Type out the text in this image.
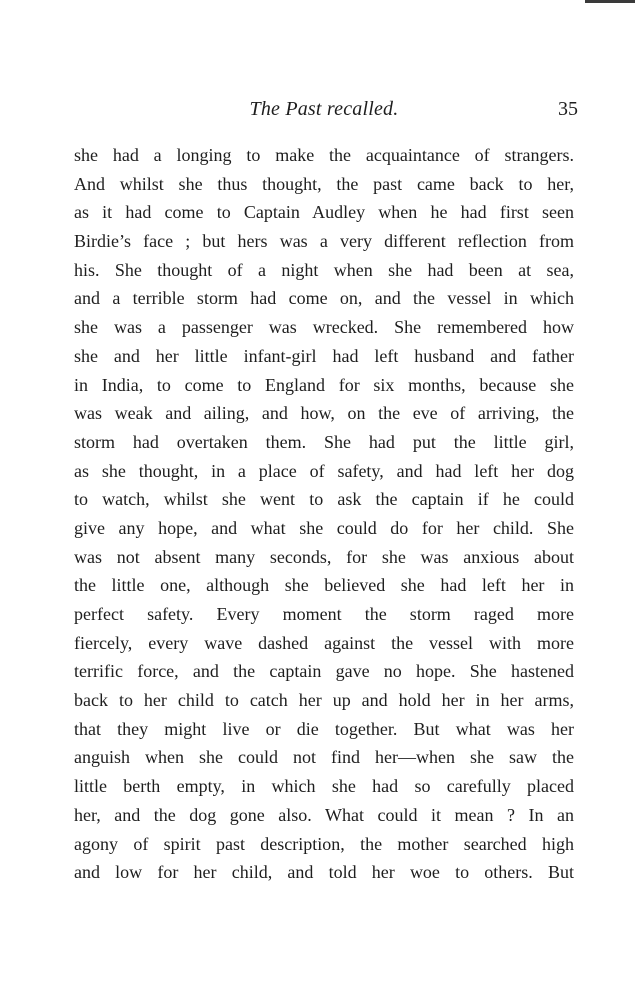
The Past recalled.	35
she had a longing to make the acquaintance of strangers.
And whilst she thus thought, the past came back to her,
as it had come to Captain Audley when he had first seen
Birdie’s face ; but hers was a very different reflection from
his. She thought of a night when she had been at sea,
and a terrible storm had come on, and the vessel in which
she was a passenger was wrecked. She remembered how
she and her little infant-girl had left husband and father
in India, to come to England for six months, because she
was weak and ailing, and how, on the eve of arriving, the
storm had overtaken them. She had put the little girl,
as she thought, in a place of safety, and had left her dog
to watch, whilst she went to ask the captain if he could
give any hope, and what she could do for her child. She
was not absent many seconds, for she was anxious about
the little one, although she believed she had left her in
perfect safety. Every moment the storm raged more
fiercely, every wave dashed against the vessel with more
terrific force, and the captain gave no hope. She hastened
back to her child to catch her up and hold her in her arms,
that they might live or die together. But what was her
anguish when she could not find her—when she saw the
little berth empty, in which she had so carefully placed
her, and the dog gone also. What could it mean ? In an
agony of spirit past description, the mother searched high
and low for her child, and told her woe to others. But
